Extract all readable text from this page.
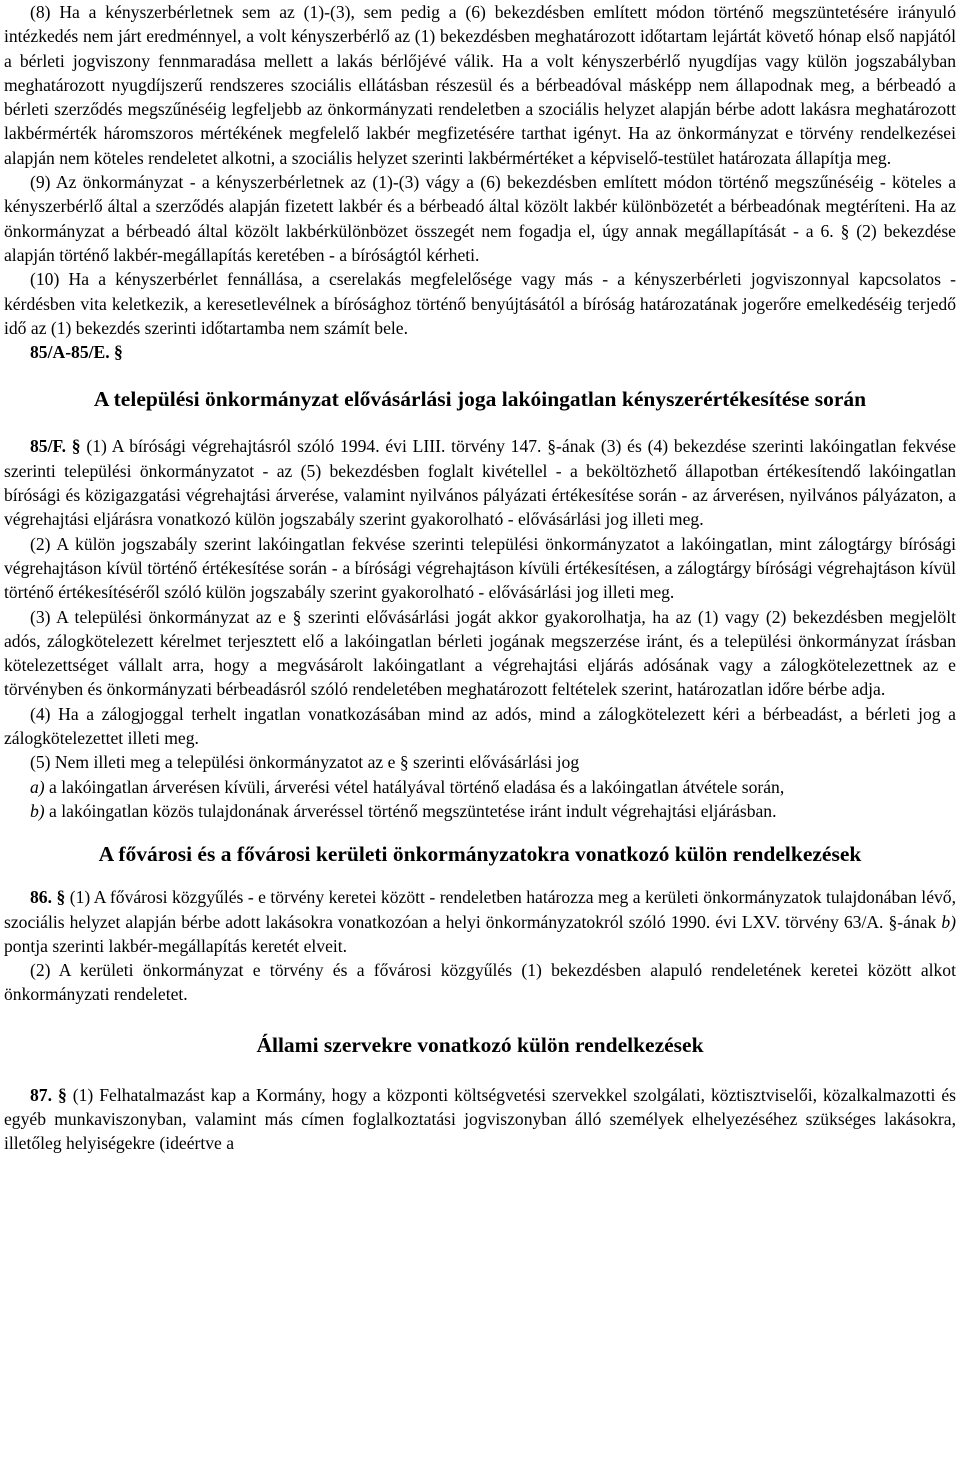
(8) Ha a kényszerbérletnek sem az (1)-(3), sem pedig a (6) bekezdésben említett módon történő megszüntetésére irányuló intézkedés nem járt eredménnyel, a volt kényszerbérlő az (1) bekezdésben meghatározott időtartam lejártát követő hónap első napjától a bérleti jogviszony fennmaradása mellett a lakás bérlőjévé válik. Ha a volt kényszerbérlő nyugdíjas vagy külön jogszabályban meghatározott nyugdíjszerű rendszeres szociális ellátásban részesül és a bérbeadóval másképp nem állapodnak meg, a bérbeadó a bérleti szerződés megszűnéséig legfeljebb az önkormányzati rendeletben a szociális helyzet alapján bérbe adott lakásra meghatározott lakbérmérték háromszoros mértékének megfelelő lakbér megfizetésére tarthat igényt. Ha az önkormányzat e törvény rendelkezései alapján nem köteles rendeletet alkotni, a szociális helyzet szerinti lakbérmértéket a képviselő-testület határozata állapítja meg.

(9) Az önkormányzat - a kényszerbérletnek az (1)-(3) vágy a (6) bekezdésben említett módon történő megszűnéséig - köteles a kényszerbérlő által a szerződés alapján fizetett lakbér és a bérbeadó által közölt lakbér különbözetét a bérbeadónak megtéríteni. Ha az önkormányzat a bérbeadó által közölt lakbérkülönbözet összegét nem fogadja el, úgy annak megállapítását - a 6. § (2) bekezdése alapján történő lakbér-megállapítás keretében - a bíróságtól kérheti.

(10) Ha a kényszerbérlet fennállása, a cserelakás megfelelősége vagy más - a kényszerbérleti jogviszonnyal kapcsolatos - kérdésben vita keletkezik, a keresetlevélnek a bírósághoz történő benyújtásától a bíróság határozatának jogerőre emelkedéséig terjedő idő az (1) bekezdés szerinti időtartamba nem számít bele.

85/A-85/E. §

A települési önkormányzat elővásárlási joga lakóingatlan kényszerértékesítése során

85/F. § (1) A bírósági végrehajtásról szóló 1994. évi LIII. törvény 147. §-ának (3) és (4) bekezdése szerinti lakóingatlan fekvése szerinti települési önkormányzatot - az (5) bekezdésben foglalt kivétellel - a beköltözhető állapotban értékesítendő lakóingatlan bírósági és közigazgatási végrehajtási árverése, valamint nyilvános pályázati értékesítése során - az árverésen, nyilvános pályázaton, a végrehajtási eljárásra vonatkozó külön jogszabály szerint gyakorolható - elővásárlási jog illeti meg.

(2) A külön jogszabály szerint lakóingatlan fekvése szerinti települési önkormányzatot a lakóingatlan, mint zálogtárgy bírósági végrehajtáson kívül történő értékesítése során - a bírósági végrehajtáson kívüli értékesítésen, a zálogtárgy bírósági végrehajtáson kívül történő értékesítéséről szóló külön jogszabály szerint gyakorolható - elővásárlási jog illeti meg.

(3) A települési önkormányzat az e § szerinti elővásárlási jogát akkor gyakorolhatja, ha az (1) vagy (2) bekezdésben megjelölt adós, zálogkötelezett kérelmet terjesztett elő a lakóingatlan bérleti jogának megszerzése iránt, és a települési önkormányzat írásban kötelezettséget vállalt arra, hogy a megvásárolt lakóingatlant a végrehajtási eljárás adósának vagy a zálogkötelezettnek az e törvényben és önkormányzati bérbeadásról szóló rendeletében meghatározott feltételek szerint, határozatlan időre bérbe adja.

(4) Ha a zálogjoggal terhelt ingatlan vonatkozásában mind az adós, mind a zálogkötelezett kéri a bérbeadást, a bérleti jog a zálogkötelezettet illeti meg.

(5) Nem illeti meg a települési önkormányzatot az e § szerinti elővásárlási jog

a) a lakóingatlan árverésen kívüli, árverési vétel hatályával történő eladása és a lakóingatlan átvétele során,

b) a lakóingatlan közös tulajdonának árveréssel történő megszüntetése iránt indult végrehajtási eljárásban.

A fővárosi és a fővárosi kerületi önkormányzatokra vonatkozó külön rendelkezések

86. § (1) A fővárosi közgyűlés - e törvény keretei között - rendeletben határozza meg a kerületi önkormányzatok tulajdonában lévő, szociális helyzet alapján bérbe adott lakásokra vonatkozóan a helyi önkormányzatokról szóló 1990. évi LXV. törvény 63/A. §-ának b) pontja szerinti lakbér-megállapítás keretét elveit.

(2) A kerületi önkormányzat e törvény és a fővárosi közgyűlés (1) bekezdésben alapuló rendeletének keretei között alkot önkormányzati rendeletet.

Állami szervekre vonatkozó külön rendelkezések

87. § (1) Felhatalmazást kap a Kormány, hogy a központi költségvetési szervekkel szolgálati, köztisztviselői, közalkalmazotti és egyéb munkaviszonyban, valamint más címen foglalkoztatási jogviszonyban álló személyek elhelyezéséhez szükséges lakásokra, illetőleg helyiségekre (ideértve a
